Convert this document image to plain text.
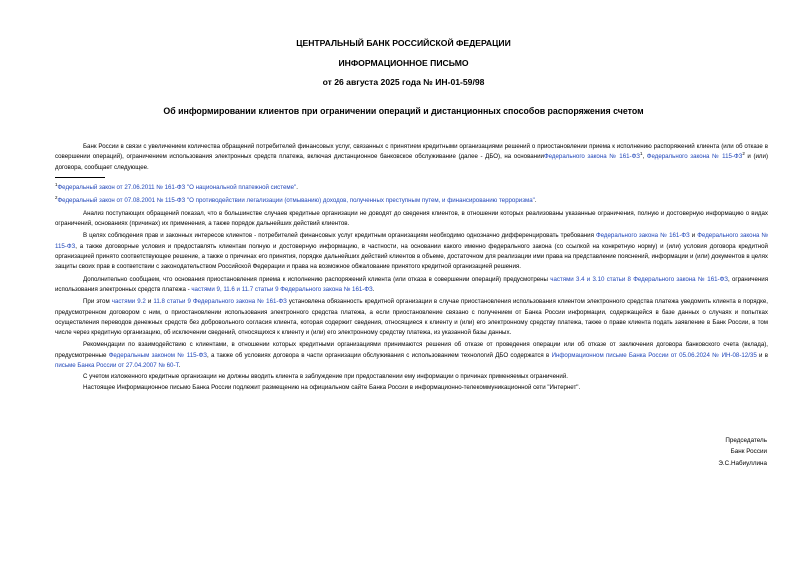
ЦЕНТРАЛЬНЫЙ БАНК РОССИЙСКОЙ ФЕДЕРАЦИИ
ИНФОРМАЦИОННОЕ ПИСЬМО
от 26 августа 2025 года № ИН-01-59/98
Об информировании клиентов при ограничении операций и дистанционных способов распоряжения счетом

Банк России в связи с увеличением количества обращений потребителей финансовых услуг, связанных с принятием кредитными организациями решений о приостановлении приема к исполнению распоряжений клиента (или об отказе в совершении операций), ограничением использования электронных средств платежа, включая дистанционное банковское обслуживание (далее - ДБО), на основанииФедерального закона № $161-ФЗ^1$, Федерального закона № $115-ФЗ^2$ и (или) договора, сообщает следующее.

$^1$Федеральный закон от 27.06.2011 № 161-ФЗ "О национальной платежной системе".

$^2$Федеральный закон от 07.08.2001 № 115-ФЗ "О противодействии легализации (отмыванию) доходов, полученных преступным путем, и финансированию терроризма".

Анализ поступающих обращений показал, что в большинстве случаев кредитные организации не доводят до сведения клиентов, в отношении которых реализованы указанные ограничения, полную и достоверную информацию о видах ограничений, основаниях (причинах) их применения, а также порядок дальнейших действий клиентов.

В целях соблюдения прав и законных интересов клиентов - потребителей финансовых услуг кредитным организациям необходимо однозначно дифференцировать требования Федерального закона № 161-ФЗ и Федерального закона № 115-ФЗ, а также договорные условия и предоставлять клиентам полную и достоверную информацию, в частности, на основании какого именно федерального закона (со ссылкой на конкретную норму) и (или) условия договора кредитной организацией принято соответствующее решение, а также о причинах его принятия, порядке дальнейших действий клиентов в объеме, достаточном для реализации ими права на представление пояснений, информации и (или) документов в целях защиты своих прав в соответствии с законодательством Российской Федерации и права на возможное обжалование принятого кредитной организацией решения.

Дополнительно сообщаем, что основания приостановления приема к исполнению распоряжений клиента (или отказа в совершении операций) предусмотрены частями 3.4 и 3.10 статьи 8 Федерального закона № 161-ФЗ, ограничения использования электронных средств платежа - частями 9, 11.6 и 11.7 статьи 9 Федерального закона № 161-ФЗ.

При этом частями 9.2 и 11.8 статьи 9 Федерального закона № 161-ФЗ установлена обязанность кредитной организации в случае приостановления использования клиентом электронного средства платежа уведомить клиента в порядке, предусмотренном договором с ним, о приостановлении использования электронного средства платежа, а если приостановление связано с получением от Банка России информации, содержащейся в базе данных о случаях и попытках осуществления переводов денежных средств без добровольного согласия клиента, которая содержит сведения, относящиеся к клиенту и (или) его электронному средству платежа, также о праве клиента подать заявление в Банк России, в том числе через кредитную организацию, об исключении сведений, относящихся к клиенту и (или) его электронному средству платежа, из указанной базы данных.

Рекомендации по взаимодействию с клиентами, в отношении которых кредитными организациями принимаются решения об отказе от проведения операции или об отказе от заключения договора банковского счета (вклада), предусмотренные Федеральным законом № 115-ФЗ, а также об условиях договора в части организации обслуживания с использованием технологий ДБО содержатся в Информационном письме Банка России от 05.06.2024 № ИН-08-12/35 и в письме Банка России от 27.04.2007 № 60-Т.

С учетом изложенного кредитные организации не должны вводить клиента в заблуждение при предоставлении ему информации о причинах применяемых ограничений.

Настоящее Информационное письмо Банка России подлежит размещению на официальном сайте Банка России в информационно-телекоммуникационной сети "Интернет".

Председатель
Банк России
Э.С.Набиуллина
